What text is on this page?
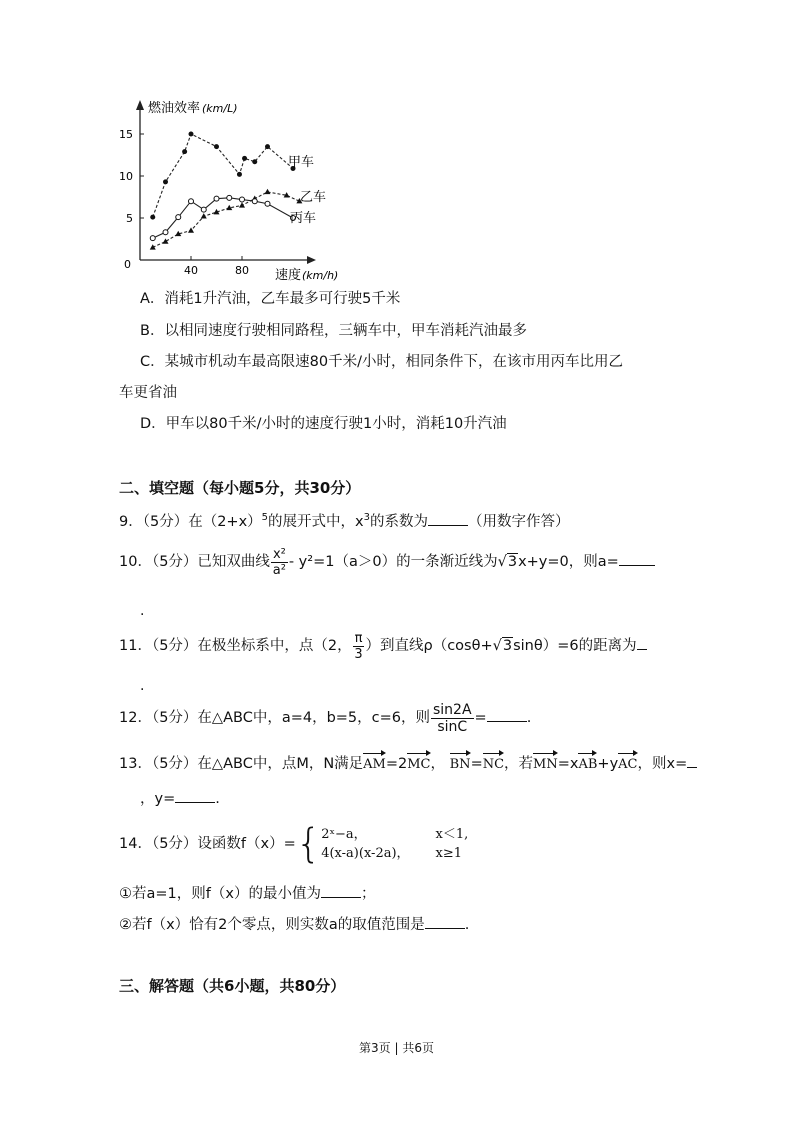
40	80
5
10
15
0
甲车
乙车
丙车
燃油效率 (km/L)
速度 (km/h)
A．消耗1升汽油，乙车最多可行驶5千米
B．以相同速度行驶相同路程，三辆车中，甲车消耗汽油最多
C．某城市机动车最高限速80千米/小时，相同条件下，在该市用丙车比用乙
车更省油
D．甲车以80千米/小时的速度行驶1小时，消耗10升汽油
二、填空题（每小题5分，共30分）
9．（5分）在$(2+x)^5$的展开式中，$x^3$的系数为	（用数字作答）
10．（5分）已知双曲线 $\frac{\text{x²}}{\text{a²}} - y^2=1(a>0)$的一条渐近线为√3x+y=0，则a=
.
11．（5分）在极坐标系中，点（2， $\frac{\pi}{3}$ ）到直线ρ（cosθ+√3sinθ）=6的距离为
.
12．（5分）在△ABC中，a=4，b=5，c=6，则 $\frac{\sin 2A}{\sin C}$ =	.
13．（5分）在△ABC中，点M，N满足AM=2MC， BN=NC，若MN=xAB+yAC，则x=
，y=	.
14．（5分）设函数f（x）={2ˣ−a，
4(x-a)(x-2a)，x＜1,
x≥1
①若a=1，则f（x）的最小值为	；
②若f（x）恰有2个零点，则实数a的取值范围是	.
三、解答题（共6小题，共80分）
第3页 | 共6页
